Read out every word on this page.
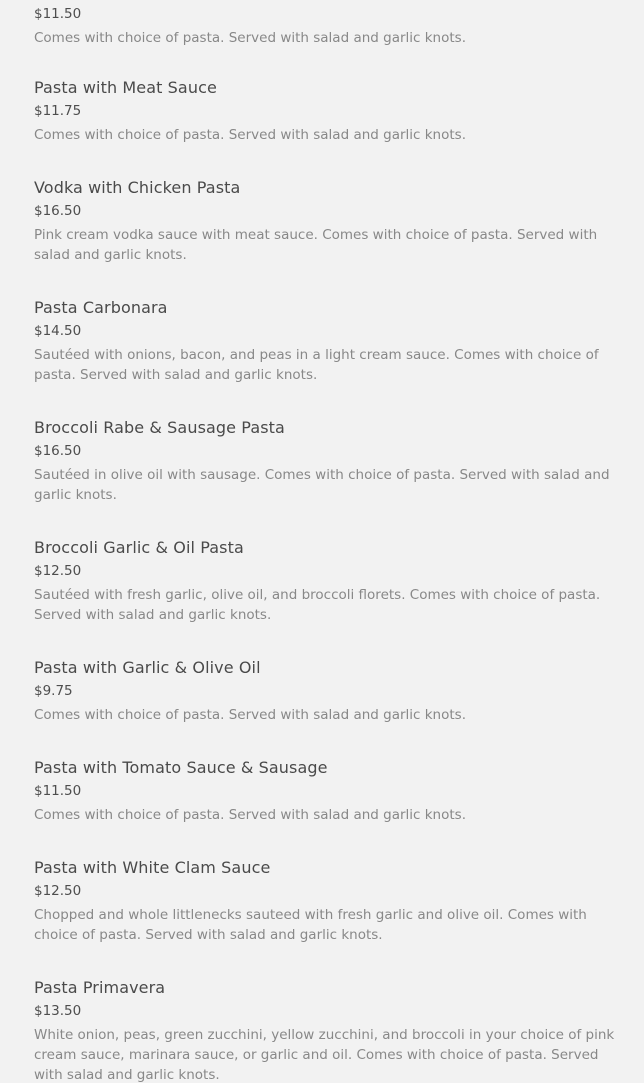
$11.50
Comes with choice of pasta. Served with salad and garlic knots.
Pasta with Meat Sauce
$11.75
Comes with choice of pasta. Served with salad and garlic knots.
Vodka with Chicken Pasta
$16.50
Pink cream vodka sauce with meat sauce. Comes with choice of pasta. Served with salad and garlic knots.
Pasta Carbonara
$14.50
Sautéed with onions, bacon, and peas in a light cream sauce. Comes with choice of pasta. Served with salad and garlic knots.
Broccoli Rabe & Sausage Pasta
$16.50
Sautéed in olive oil with sausage. Comes with choice of pasta. Served with salad and garlic knots.
Broccoli Garlic & Oil Pasta
$12.50
Sautéed with fresh garlic, olive oil, and broccoli florets. Comes with choice of pasta. Served with salad and garlic knots.
Pasta with Garlic & Olive Oil
$9.75
Comes with choice of pasta. Served with salad and garlic knots.
Pasta with Tomato Sauce & Sausage
$11.50
Comes with choice of pasta. Served with salad and garlic knots.
Pasta with White Clam Sauce
$12.50
Chopped and whole littlenecks sauteed with fresh garlic and olive oil. Comes with choice of pasta. Served with salad and garlic knots.
Pasta Primavera
$13.50
White onion, peas, green zucchini, yellow zucchini, and broccoli in your choice of pink cream sauce, marinara sauce, or garlic and oil. Comes with choice of pasta. Served with salad and garlic knots.
